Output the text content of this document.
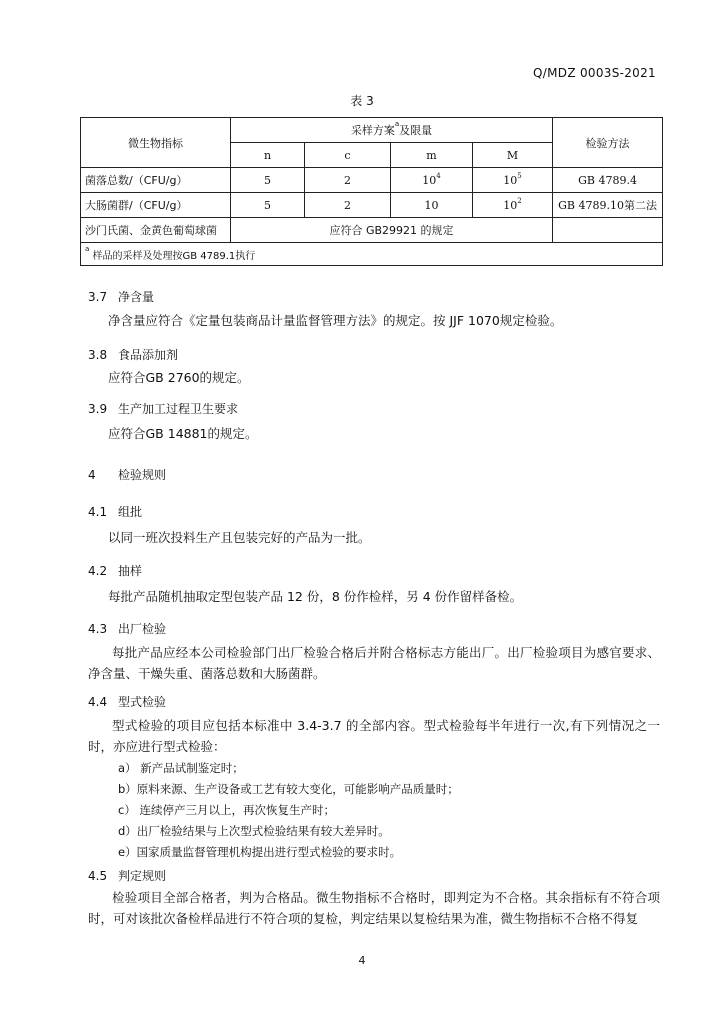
Q/MDZ 0003S-2021
表 3
微生物指标	采样方案$^a$及限量				检验方法
	n	c	m	M	
菌落总数/（CFU/g）	5	2	$10^4$	$10^5$	GB 4789.4
大肠菌群/（CFU/g）	5	2	10	$10^2$	GB 4789.10第二法
沙门氏菌、金黄色葡萄球菌	应符合 GB29921 的规定				
$^a$ 样品的采样及处理按GB 4789.1执行					
3.7 净含量
净含量应符合《定量包装商品计量监督管理方法》的规定。按 JJF 1070规定检验。
3.8 食品添加剂
应符合GB 2760的规定。
3.9 生产加工过程卫生要求
应符合GB 14881的规定。
4 检验规则
4.1 组批
以同一班次投料生产且包装完好的产品为一批。
4.2 抽样
每批产品随机抽取定型包装产品 12 份，8 份作检样，另 4 份作留样备检。
4.3 出厂检验
每批产品应经本公司检验部门出厂检验合格后并附合格标志方能出厂。出厂检验项目为感官要求、净含量、干燥失重、菌落总数和大肠菌群。
4.4 型式检验
型式检验的项目应包括本标准中 3.4-3.7 的全部内容。型式检验每半年进行一次,有下列情况之一时，亦应进行型式检验：
a） 新产品试制鉴定时；
b）原料来源、生产设备或工艺有较大变化，可能影响产品质量时；
c） 连续停产三月以上，再次恢复生产时；
d）出厂检验结果与上次型式检验结果有较大差异时。
e）国家质量监督管理机构提出进行型式检验的要求时。
4.5 判定规则
检验项目全部合格者，判为合格品。微生物指标不合格时，即判定为不合格。其余指标有不符合项时，可对该批次备检样品进行不符合项的复检，判定结果以复检结果为准，微生物指标不合格不得复
4
